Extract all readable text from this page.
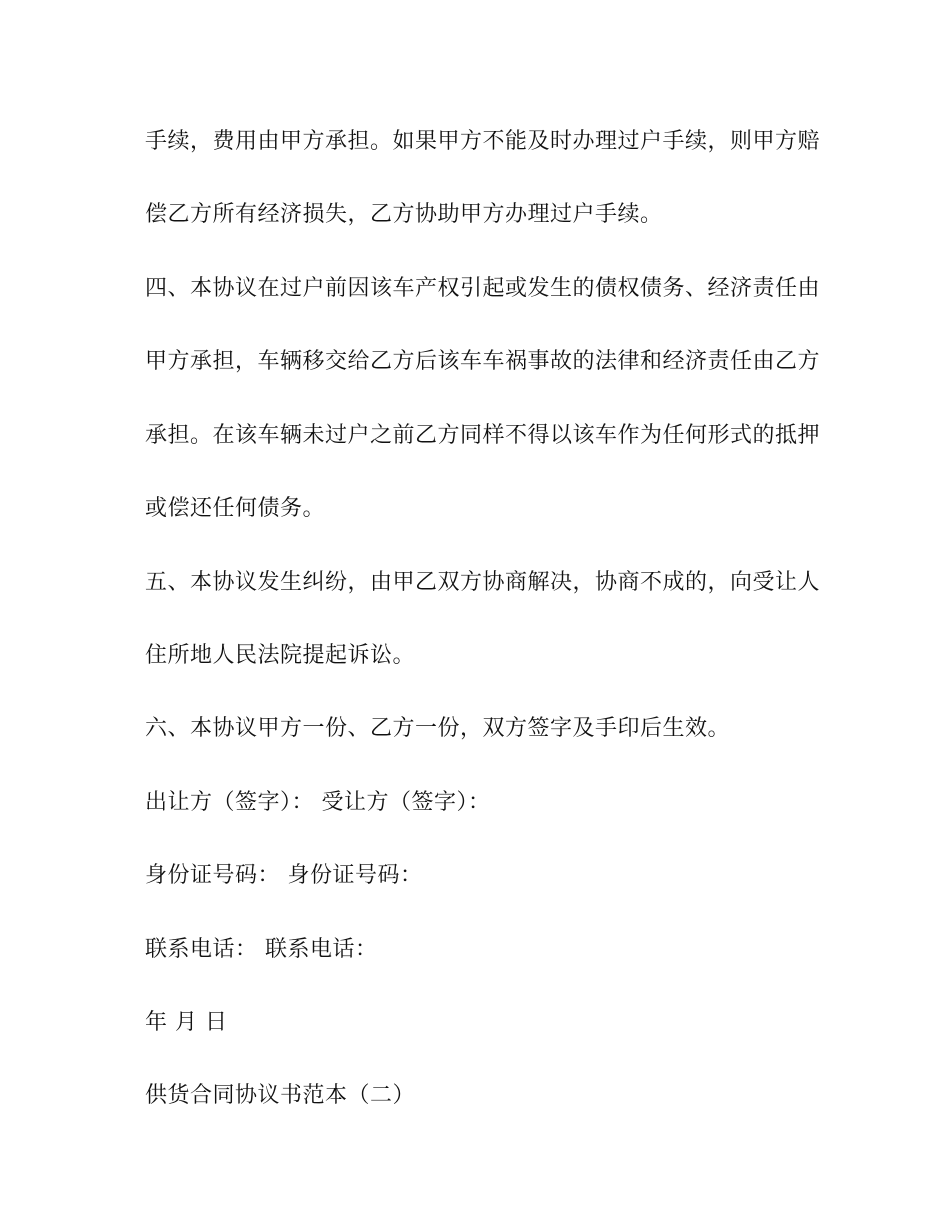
手续，费用由甲方承担。如果甲方不能及时办理过户手续，则甲方赔
偿乙方所有经济损失，乙方协助甲方办理过户手续。
四、本协议在过户前因该车产权引起或发生的债权债务、经济责任由
甲方承担，车辆移交给乙方后该车车祸事故的法律和经济责任由乙方
承担。在该车辆未过户之前乙方同样不得以该车作为任何形式的抵押
或偿还任何债务。
五、本协议发生纠纷，由甲乙双方协商解决，协商不成的，向受让人
住所地人民法院提起诉讼。
六、本协议甲方一份、乙方一份，双方签字及手印后生效。
出让方（签字）： 受让方（签字）：
身份证号码： 身份证号码：
联系电话： 联系电话：
年 月 日
供货合同协议书范本（二）
